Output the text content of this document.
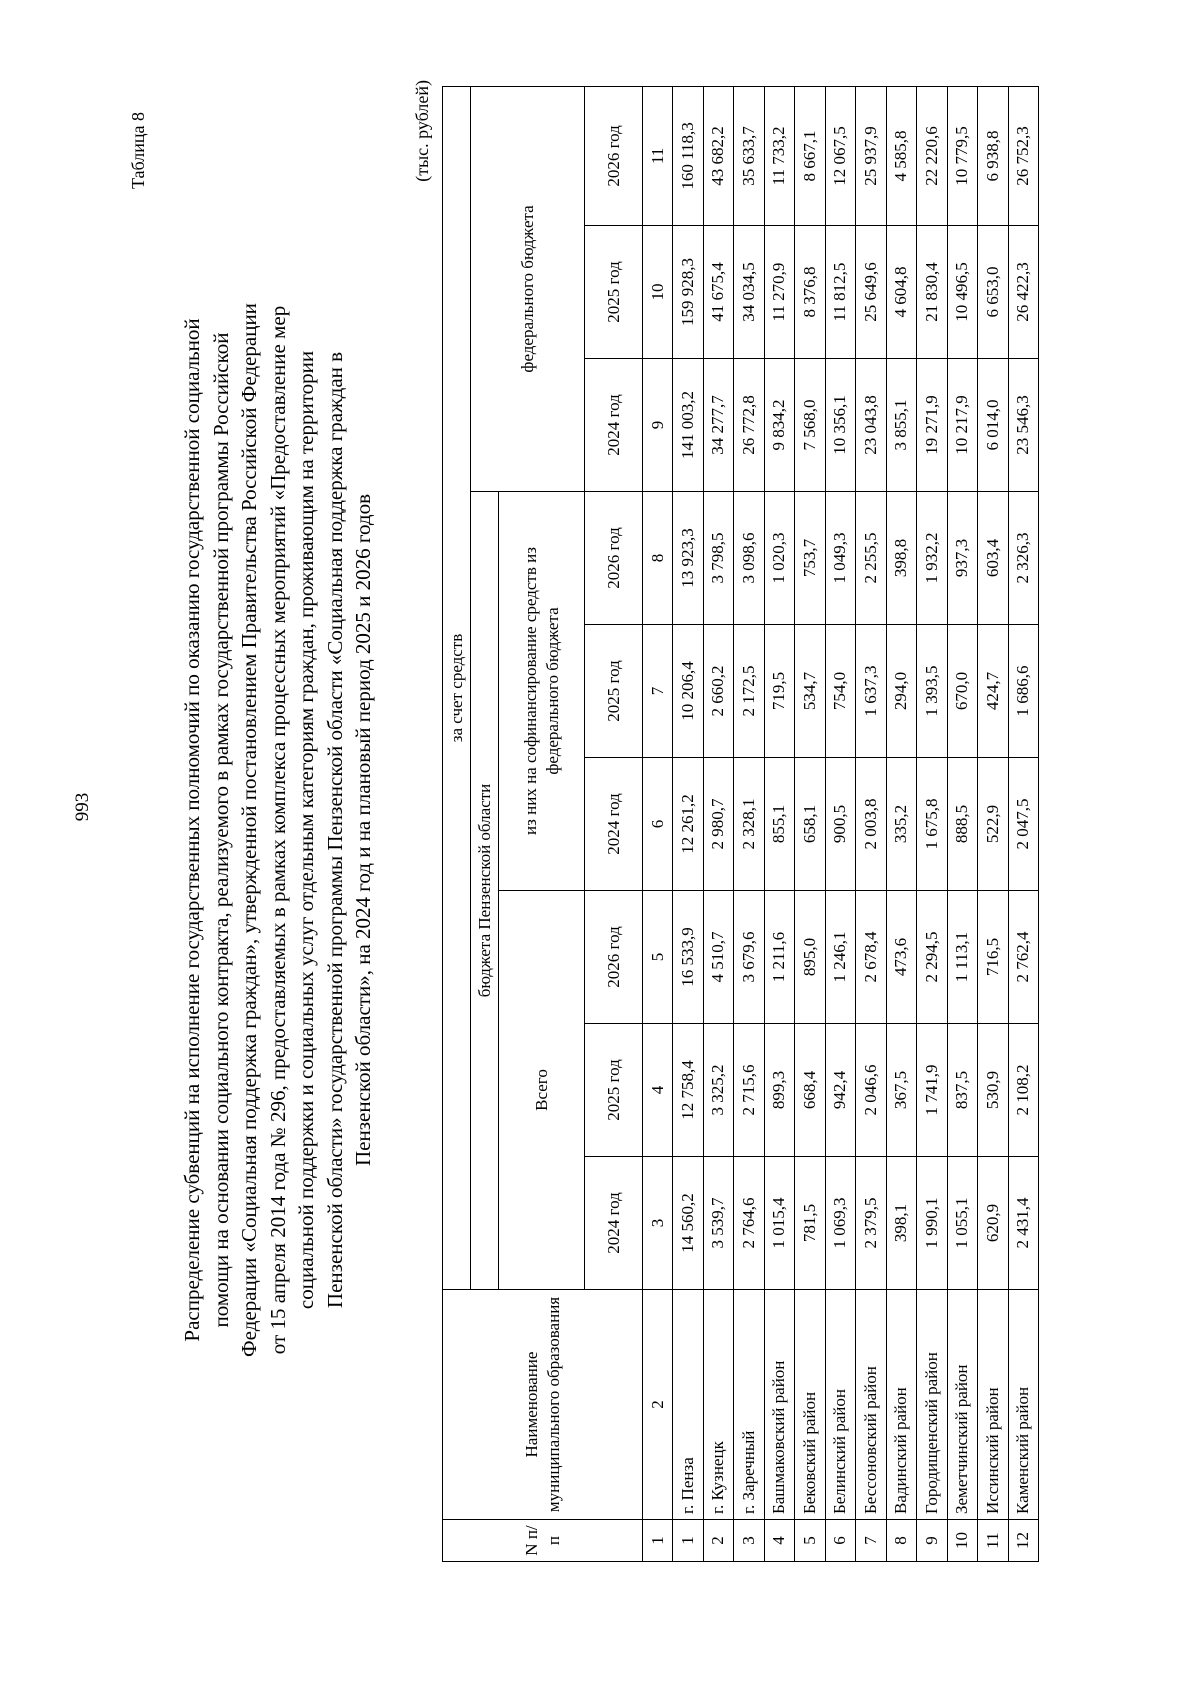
993
Таблица 8
Распределение субвенций на исполнение государственных полномочий по оказанию государственной социальной помощи на основании социального контракта, реализуемого в рамках государственной программы Российской Федерации «Социальная поддержка граждан», утвержденной постановлением Правительства Российской Федерации от 15 апреля 2014 года № 296, предоставляемых в рамках комплекса процессных мероприятий «Предоставление мер социальной поддержки и социальных услуг отдельным категориям граждан, проживающим на территории Пензенской области» государственной программы Пензенской области «Социальная поддержка граждан в Пензенской области», на 2024 год и на плановый период 2025 и 2026 годов
(тыс. рублей)
N п/п	Наименование муниципального образования	за счет средств								
		бюджета Пензенской области						федерального бюджета		
		Всего			из них на софинансирование средств из федерального бюджета					
		2024 год	2025 год	2026 год	2024 год	2025 год	2026 год	2024 год	2025 год	2026 год
1	2	3	4	5	6	7	8	9	10	11
1	г. Пенза	14 560,2	12 758,4	16 533,9	12 261,2	10 206,4	13 923,3	141 003,2	159 928,3	160 118,3
2	г. Кузнецк	3 539,7	3 325,2	4 510,7	2 980,7	2 660,2	3 798,5	34 277,7	41 675,4	43 682,2
3	г. Заречный	2 764,6	2 715,6	3 679,6	2 328,1	2 172,5	3 098,6	26 772,8	34 034,5	35 633,7
4	Башмаковский район	1 015,4	899,3	1 211,6	855,1	719,5	1 020,3	9 834,2	11 270,9	11 733,2
5	Бековский район	781,5	668,4	895,0	658,1	534,7	753,7	7 568,0	8 376,8	8 667,1
6	Белинский район	1 069,3	942,4	1 246,1	900,5	754,0	1 049,3	10 356,1	11 812,5	12 067,5
7	Бессоновский район	2 379,5	2 046,6	2 678,4	2 003,8	1 637,3	2 255,5	23 043,8	25 649,6	25 937,9
8	Вадинский район	398,1	367,5	473,6	335,2	294,0	398,8	3 855,1	4 604,8	4 585,8
9	Городищенский район	1 990,1	1 741,9	2 294,5	1 675,8	1 393,5	1 932,2	19 271,9	21 830,4	22 220,6
10	Земетчинский район	1 055,1	837,5	1 113,1	888,5	670,0	937,3	10 217,9	10 496,5	10 779,5
11	Иссинский район	620,9	530,9	716,5	522,9	424,7	603,4	6 014,0	6 653,0	6 938,8
12	Каменский район	2 431,4	2 108,2	2 762,4	2 047,5	1 686,6	2 326,3	23 546,3	26 422,3	26 752,3
